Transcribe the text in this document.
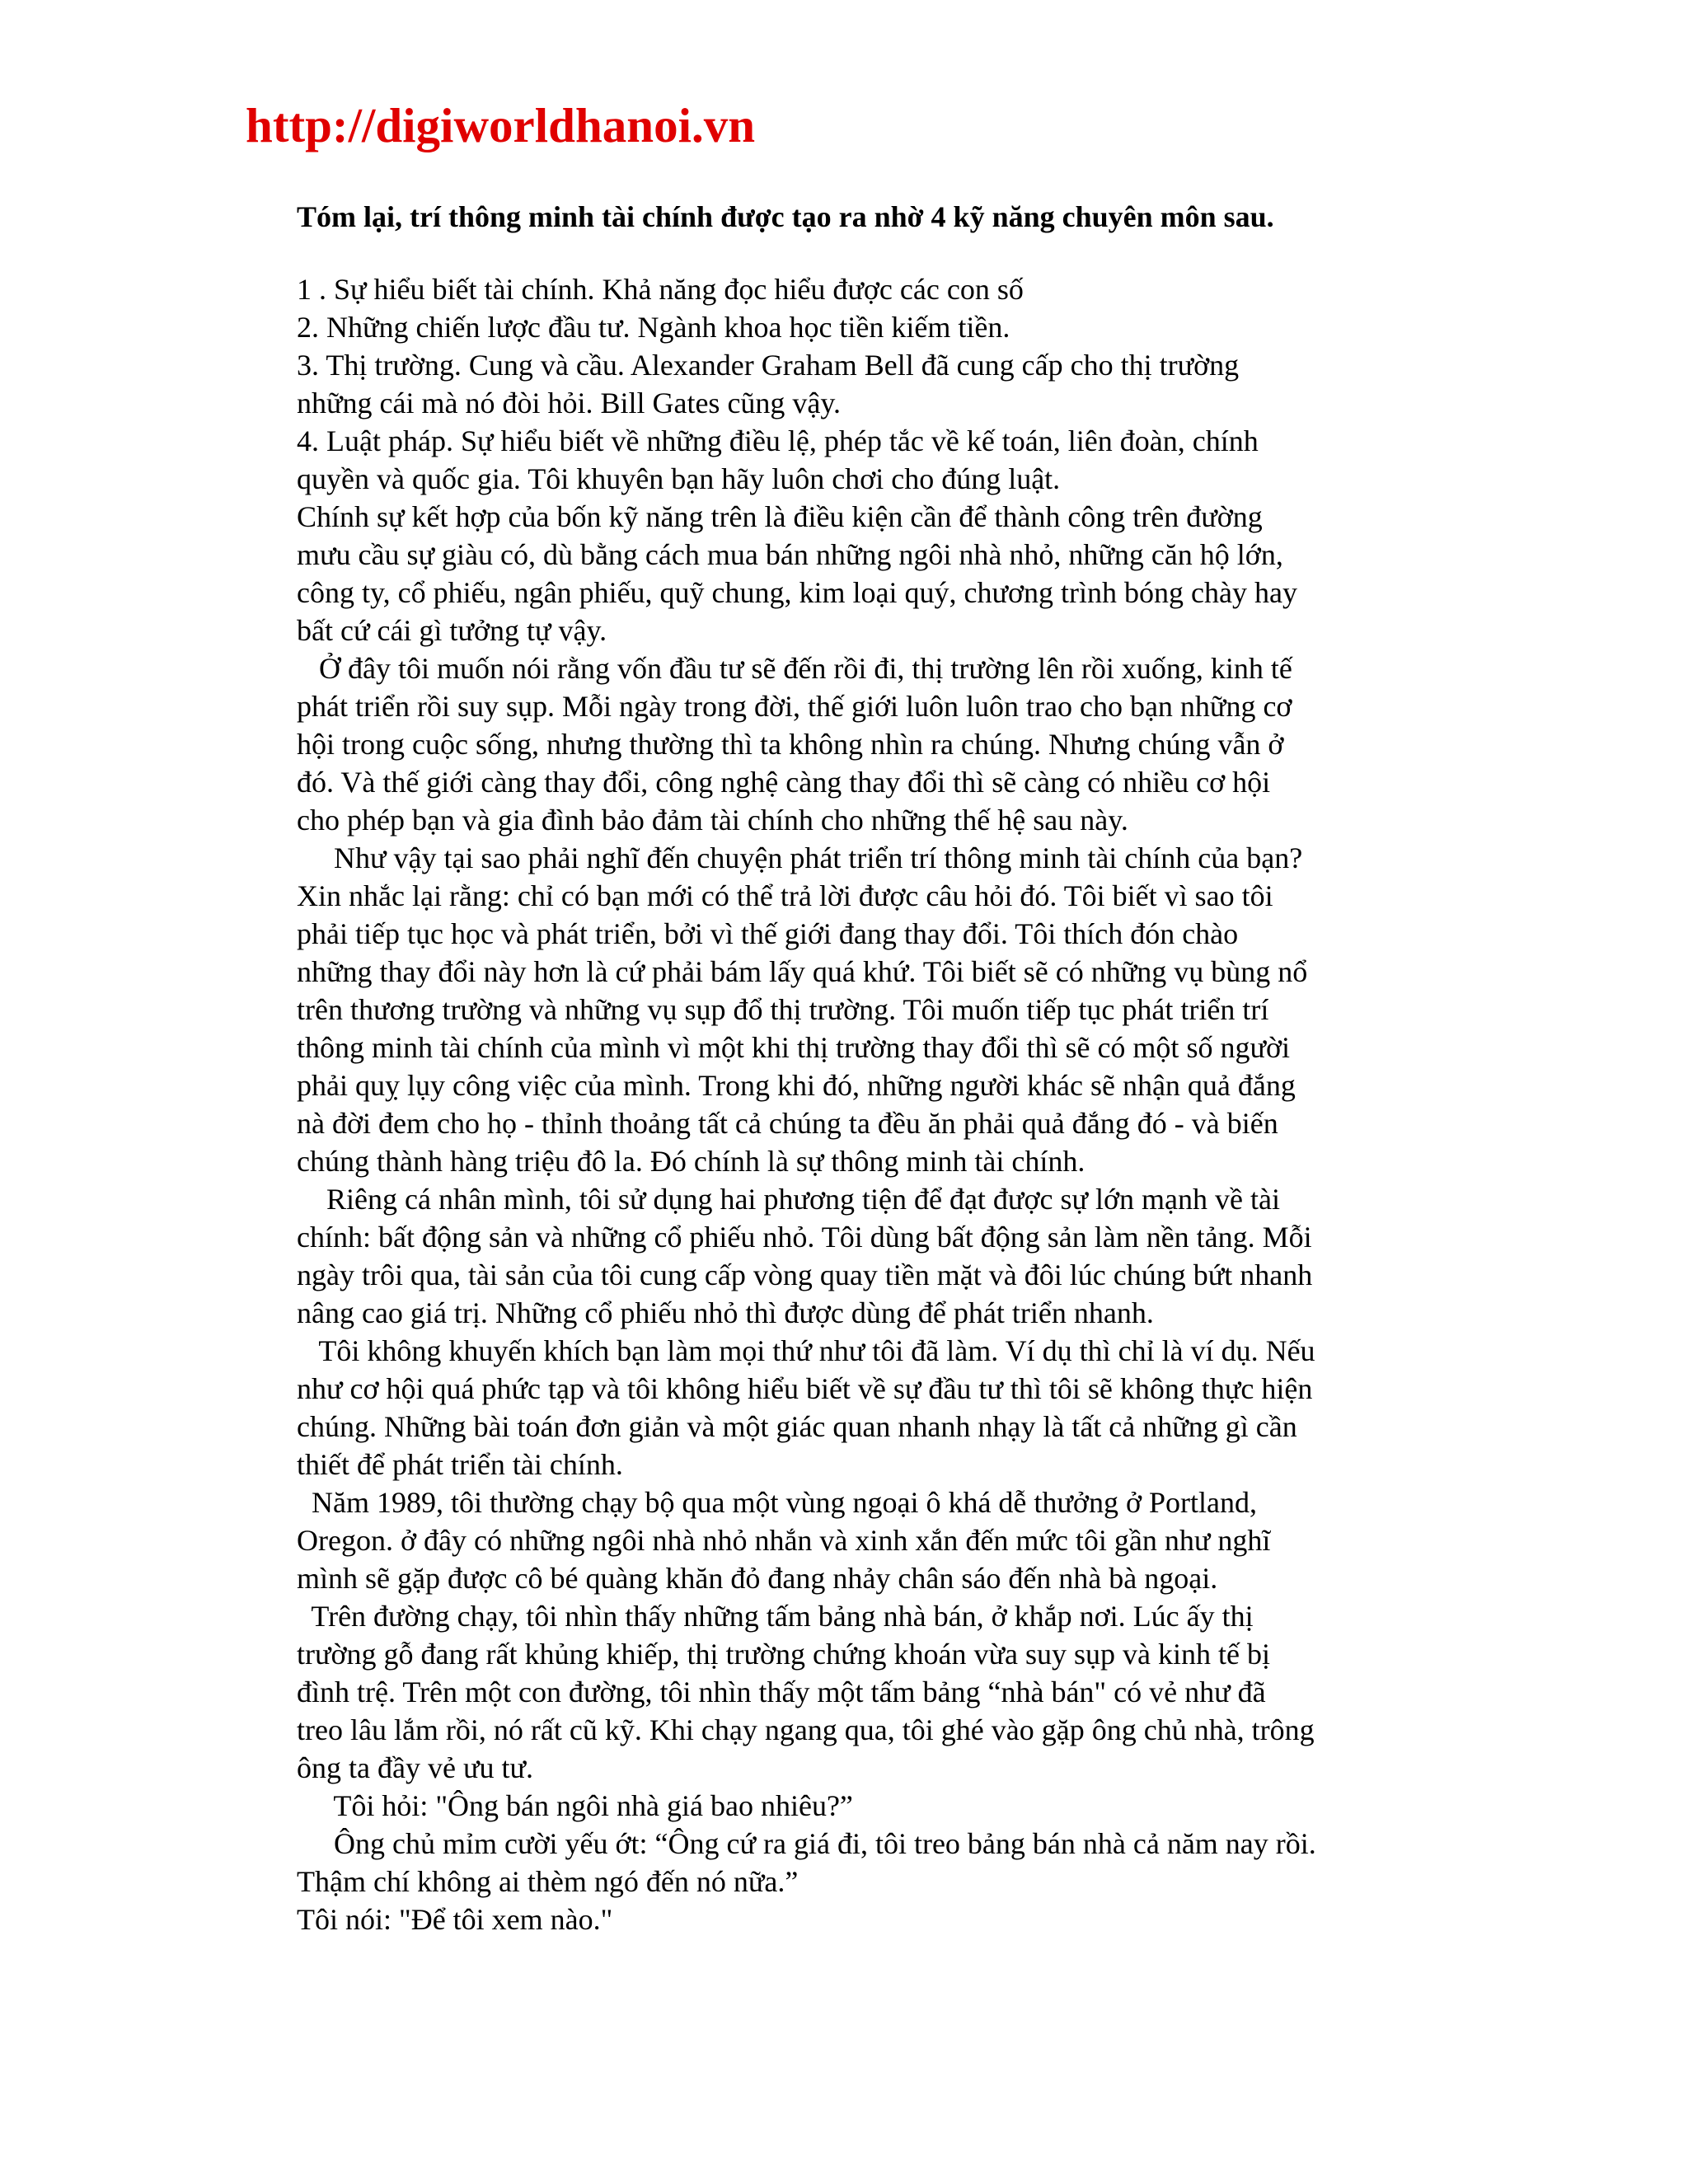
http://digiworldhanoi.vn

Tóm lại, trí thông minh tài chính được tạo ra nhờ 4 kỹ năng chuyên môn sau.

1 . Sự hiểu biết tài chính. Khả năng đọc hiểu được các con số

2. Những chiến lược đầu tư. Ngành khoa học tiền kiếm tiền.

3. Thị trường. Cung và cầu. Alexander Graham Bell đã cung cấp cho thị trường

những cái mà nó đòi hỏi. Bill Gates cũng vậy.

4. Luật pháp. Sự hiểu biết về những điều lệ, phép tắc về kế toán, liên đoàn, chính

quyền và quốc gia. Tôi khuyên bạn hãy luôn chơi cho đúng luật.

Chính sự kết hợp của bốn kỹ năng trên là điều kiện cần để thành công trên đường

mưu cầu sự giàu có, dù bằng cách mua bán những ngôi nhà nhỏ, những căn hộ lớn,

công ty, cổ phiếu, ngân phiếu, quỹ chung, kim loại quý, chương trình bóng chày hay

bất cứ cái gì tưởng tự vậy.

Ở đây tôi muốn nói rằng vốn đầu tư sẽ đến rồi đi, thị trường lên rồi xuống, kinh tế

phát triển rồi suy sụp. Mỗi ngày trong đời, thế giới luôn luôn trao cho bạn những cơ

hội trong cuộc sống, nhưng thường thì ta không nhìn ra chúng. Nhưng chúng vẫn ở

đó. Và thế giới càng thay đổi, công nghệ càng thay đổi thì sẽ càng có nhiều cơ hội

cho phép bạn và gia đình bảo đảm tài chính cho những thế hệ sau này.

Như vậy tại sao phải nghĩ đến chuyện phát triển trí thông minh tài chính của bạn?

Xin nhắc lại rằng: chỉ có bạn mới có thể trả lời được câu hỏi đó. Tôi biết vì sao tôi

phải tiếp tục học và phát triển, bởi vì thế giới đang thay đổi. Tôi thích đón chào

những thay đổi này hơn là cứ phải bám lấy quá khứ. Tôi biết sẽ có những vụ bùng nổ

trên thương trường và những vụ sụp đổ thị trường. Tôi muốn tiếp tục phát triển trí

thông minh tài chính của mình vì một khi thị trường thay đổi thì sẽ có một số người

phải quỵ lụy công việc của mình. Trong khi đó, những người khác sẽ nhận quả đắng

nà đời đem cho họ - thỉnh thoảng tất cả chúng ta đều ăn phải quả đắng đó - và biến

chúng thành hàng triệu đô la. Đó chính là sự thông minh tài chính.

Riêng cá nhân mình, tôi sử dụng hai phương tiện để đạt được sự lớn mạnh về tài

chính: bất động sản và những cổ phiếu nhỏ. Tôi dùng bất động sản làm nền tảng. Mỗi

ngày trôi qua, tài sản của tôi cung cấp vòng quay tiền mặt và đôi lúc chúng bứt nhanh

nâng cao giá trị. Những cổ phiếu nhỏ thì được dùng để phát triển nhanh.

Tôi không khuyến khích bạn làm mọi thứ như tôi đã làm. Ví dụ thì chỉ là ví dụ. Nếu

như cơ hội quá phức tạp và tôi không hiểu biết về sự đầu tư thì tôi sẽ không thực hiện

chúng. Những bài toán đơn giản và một giác quan nhanh nhạy là tất cả những gì cần

thiết để phát triển tài chính.

Năm 1989, tôi thường chạy bộ qua một vùng ngoại ô khá dễ thưởng ở Portland,

Oregon. ở đây có những ngôi nhà nhỏ nhắn và xinh xắn đến mức tôi gần như nghĩ

mình sẽ gặp được cô bé quàng khăn đỏ đang nhảy chân sáo đến nhà bà ngoại.

Trên đường chạy, tôi nhìn thấy những tấm bảng nhà bán, ở khắp nơi. Lúc ấy thị

trường gỗ đang rất khủng khiếp, thị trường chứng khoán vừa suy sụp và kinh tế bị

đình trệ. Trên một con đường, tôi nhìn thấy một tấm bảng “nhà bán" có vẻ như đã

treo lâu lắm rồi, nó rất cũ kỹ. Khi chạy ngang qua, tôi ghé vào gặp ông chủ nhà, trông

ông ta đầy vẻ ưu tư.

Tôi hỏi: "Ông bán ngôi nhà giá bao nhiêu?”

Ông chủ mỉm cười yếu ớt: “Ông cứ ra giá đi, tôi treo bảng bán nhà cả năm nay rồi.

Thậm chí không ai thèm ngó đến nó nữa.”

Tôi nói: "Để tôi xem nào."
